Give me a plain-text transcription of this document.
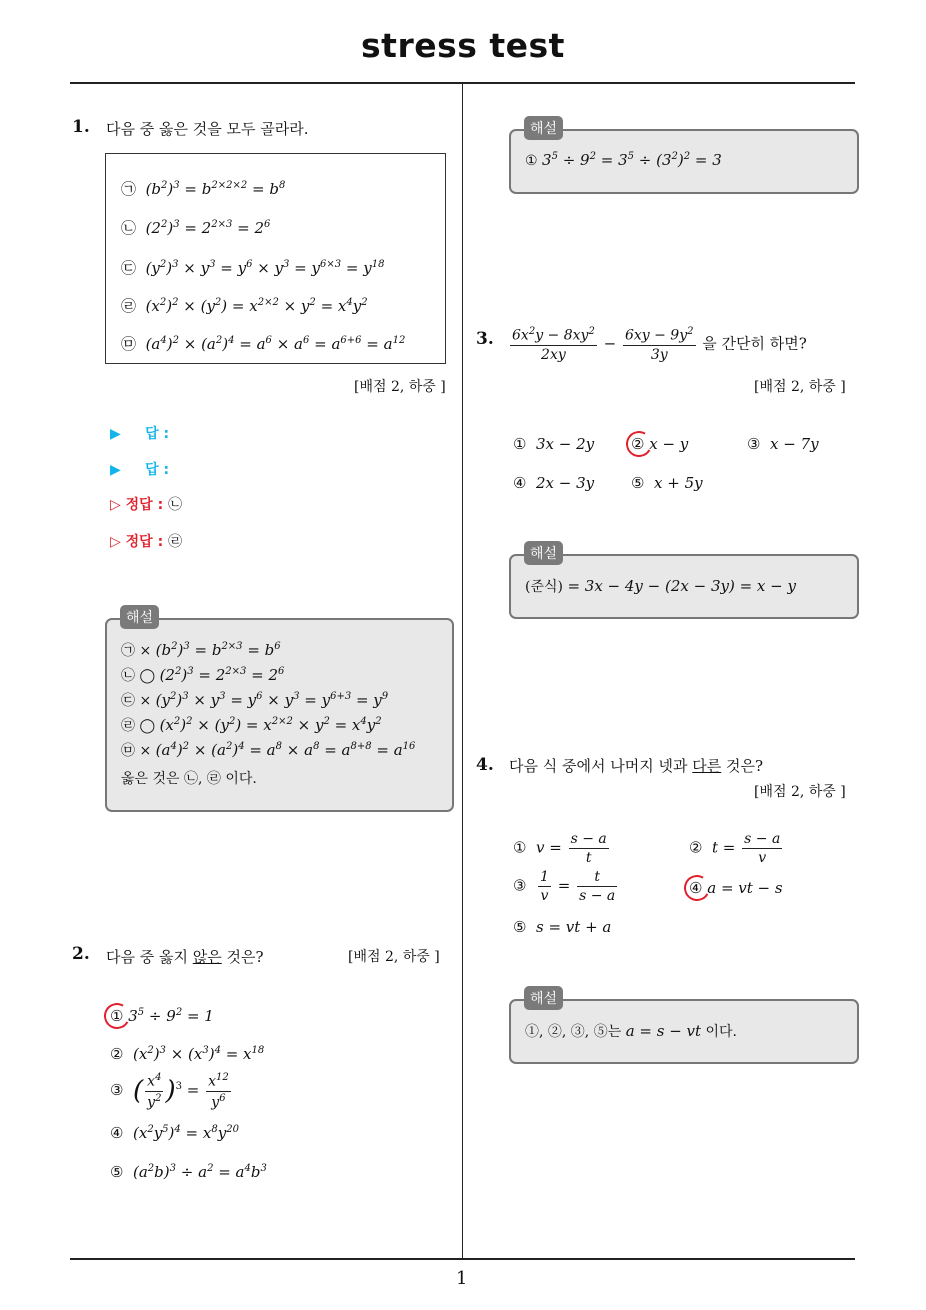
stress test
1
1. 다음 중 옳은 것을 모두 골라라.
㉠ $(b^2)^3 = b^{2\times 2\times 2} = b^8$
㉡ $(2^2)^3 = 2^{2\times 3} = 2^6$
㉢ $(y^2)^3 \times y^3 = y^6 \times y^3 = y^{6\times 3} = y^{18}$
㉣ $(x^2)^2 \times (y^2) = x^{2\times 2} \times y^2 = x^4y^2$
㉤ $(a^4)^2 \times (a^2)^4 = a^6 \times a^6 = a^{6+6} = a^{12}$
[배점 2, 하중 ]
▶ 답 :
▶ 답 :
▷ 정답 : ㉡
▷ 정답 : ㉣
㉠ × $(b^2)^3 = b^{2\times 3} = b^6$
㉡ ◯ $(2^2)^3 = 2^{2\times 3} = 2^6$
㉢ × $(y^2)^3 \times y^3 = y^6 \times y^3 = y^{6+3} = y^9$
㉣ ◯ $(x^2)^2 \times (y^2) = x^{2\times 2} \times y^2 = x^4y^2$
㉤ × $(a^4)^2 \times (a^2)^4 = a^8 \times a^8 = a^{8+8} = a^{16}$
옳은 것은 ㉡, ㉣ 이다.
해설
2. 다음 중 옳지 않은 것은?	[배점 2, 하중 ]
① $3^5 \div 9^2 = 1$
② $(x^2)^3 \times (x^3)^4 = x^{18}$
③ ( $\frac{x^4}{y^2} )^3 = \frac{x^{12}}{y^6}$
④ $(x^2y^5)^4 = x^8y^{20}$
⑤ $(a^2b)^3 \div a^2 = a^4b^3$
① $3^5 \div 9^2 = 3^5 \div (3^2)^2 = 3$
해설
3. $\frac{6x^2y - 8xy^2}{2xy} - \frac{6xy - 9y^2}{3y}$ 을 간단히 하면?
[배점 2, 하중 ]
① 3x − 2y ② x − y	③ x − 7y
④ 2x − 3y ⑤ x + 5y
(준식) = 3x − 4y − (2x − 3y) = x − y
해설
4. 다음 식 중에서 나머지 넷과 다른 것은?
[배점 2, 하중 ]
① $v = \frac{s - a}{t}$	② $t = \frac{s - a}{v}$
③ $\frac{1}{v} = \frac{t}{s - a}$	④ a = vt − s
⑤ s = vt + a
①, ②, ③, ⑤는 a = s − vt 이다.
해설
